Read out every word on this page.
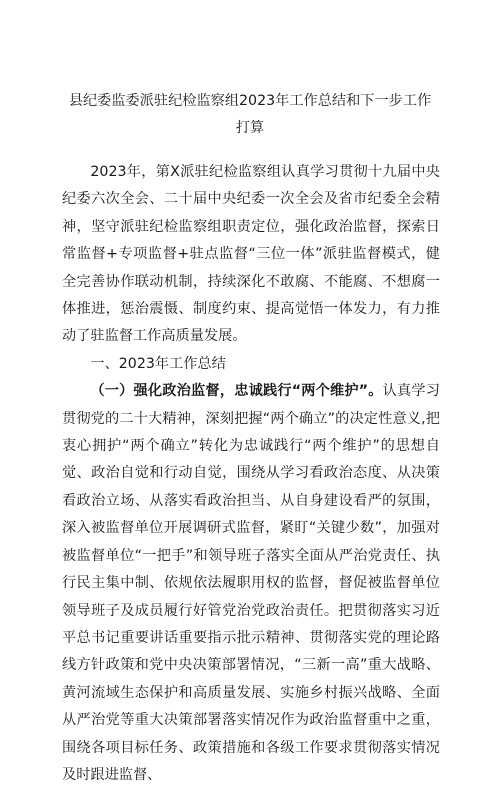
县纪委监委派驻纪检监察组2023年工作总结和下一步工作打算

2023年，第X派驻纪检监察组认真学习贯彻十九届中央纪委六次全会、二十届中央纪委一次全会及省市纪委全会精神，坚守派驻纪检监察组职责定位，强化政治监督，探索日常监督+专项监督+驻点监督“三位一体”派驻监督模式，健全完善协作联动机制，持续深化不敢腐、不能腐、不想腐一体推进，惩治震慑、制度约束、提高觉悟一体发力，有力推动了驻监督工作高质量发展。

一、2023年工作总结

（一）强化政治监督，忠诚践行“两个维护”。认真学习贯彻党的二十大精神，深刻把握“两个确立”的决定性意义,把衷心拥护“两个确立”转化为忠诚践行“两个维护”的思想自觉、政治自觉和行动自觉，围绕从学习看政治态度、从决策看政治立场、从落实看政治担当、从自身建设看严的氛围，深入被监督单位开展调研式监督，紧盯“关键少数”，加强对被监督单位“一把手”和领导班子落实全面从严治党责任、执行民主集中制、依规依法履职用权的监督，督促被监督单位领导班子及成员履行好管党治党政治责任。把贯彻落实习近平总书记重要讲话重要指示批示精神、贯彻落实党的理论路线方针政策和党中央决策部署情况，“三新一高”重大战略、黄河流域生态保护和高质量发展、实施乡村振兴战略、全面从严治党等重大决策部署落实情况作为政治监督重中之重，围绕各项目标任务、政策措施和各级工作要求贯彻落实情况及时跟进监督、
